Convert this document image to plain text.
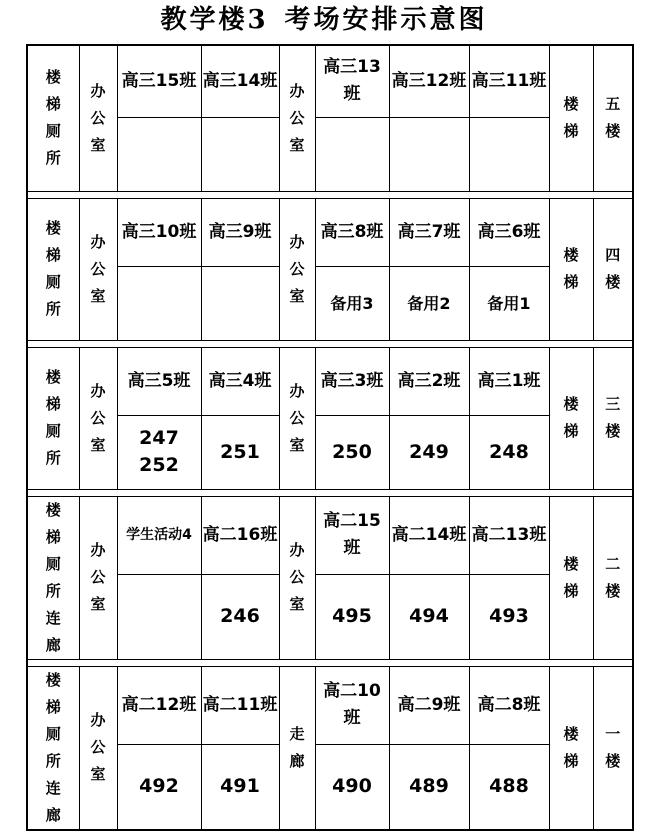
教学楼3 考场安排示意图
楼梯厕所	办公室	高三15班	高三14班	办公室	高三13班	高三12班	高三11班	楼梯	五楼

楼梯厕所	办公室	高三10班	高三9班	办公室	高三8班	高三7班	高三6班	楼梯	四楼
					备用3	备用2	备用1		

楼梯厕所	办公室	高三5班	高三4班	办公室	高三3班	高三2班	高三1班	楼梯	三楼
		247 252	251		250	249	248		

楼梯厕所连廊	办公室	学生活动4	高二16班	办公室	高二15班	高二14班	高二13班	楼梯	二楼
			246		495	494	493		

楼梯厕所连廊	办公室	高二12班	高二11班	走廊	高二10班	高二9班	高二8班	楼梯	一楼
		492	491		490	489	488		
